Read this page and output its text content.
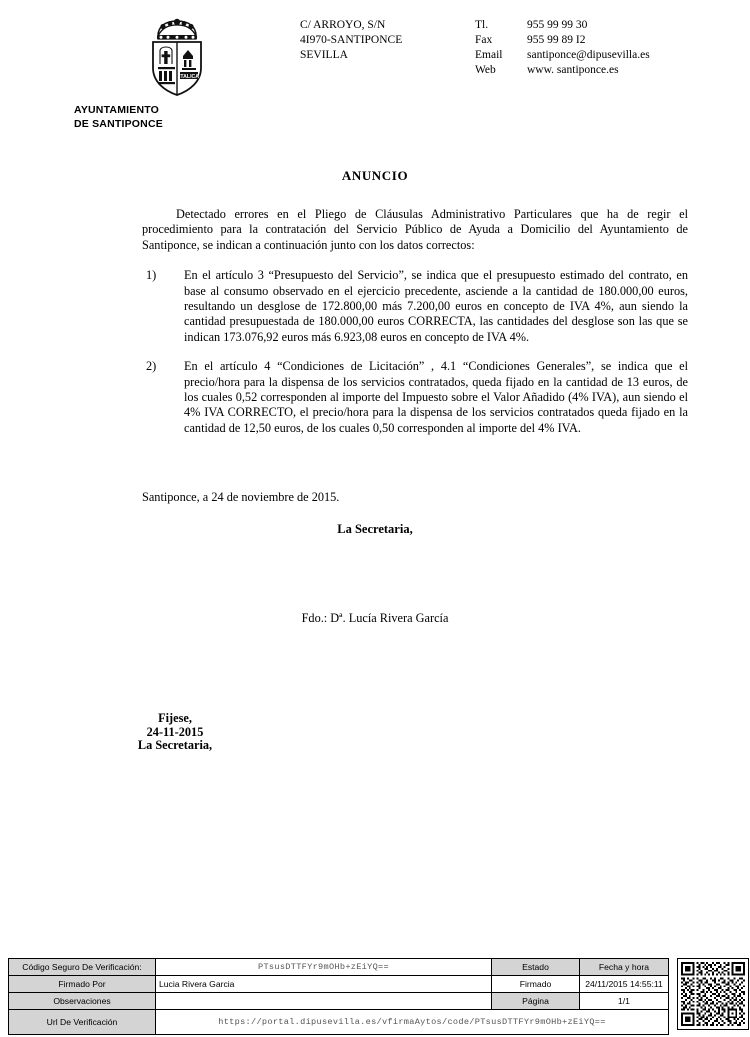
ITALICA
AYUNTAMIENTO
DE SANTIPONCE
C/ ARROYO, S/N
4I970-SANTIPONCE
SEVILLA
Tl.	955 99 99 30
Fax	955 99 89 I2
Email	santiponce@dipusevilla.es
Web	www. santiponce.es
ANUNCIO

Detectado errores en el Pliego de Cláusulas Administrativo Particulares que ha de regir el procedimiento para la contratación del Servicio Público de Ayuda a Domicilio del Ayuntamiento de Santiponce, se indican a continuación junto con los datos correctos:

1)	En el artículo 3 “Presupuesto del Servicio”, se indica que el presupuesto estimado del contrato, en base al consumo observado en el ejercicio precedente, asciende a la cantidad de 180.000,00 euros, resultando un desglose de 172.800,00 más 7.200,00 euros en concepto de IVA 4%, aun siendo la cantidad presupuestada de 180.000,00 euros CORRECTA, las cantidades del desglose son las que se indican 173.076,92 euros más 6.923,08 euros en concepto de IVA 4%.
2)	En el artículo 4 “Condiciones de Licitación” , 4.1 “Condiciones Generales”, se indica que el precio/hora para la dispensa de los servicios contratados, queda fijado en la cantidad de 13 euros, de los cuales 0,52 corresponden al importe del Impuesto sobre el Valor Añadido (4% IVA), aun siendo el 4% IVA CORRECTO, el precio/hora para la dispensa de los servicios contratados queda fijado en la cantidad de 12,50 euros, de los cuales 0,50 corresponden al importe del 4% IVA.
Santiponce, a 24 de noviembre de 2015.
La Secretaria,
Fdo.: Dª. Lucía Rivera García
Fijese,
24-11-2015
La Secretaria,
Código Seguro De Verificación:	PTsusDTTFYr9mOHb+zEiYQ==	Estado	Fecha y hora
Firmado Por	Lucia Rivera Garcia	Firmado	24/11/2015 14:55:11
Observaciones		Página	1/1
Url De Verificación	https://portal.dipusevilla.es/vfirmaAytos/code/PTsusDTTFYr9mOHb+zEiYQ==		
